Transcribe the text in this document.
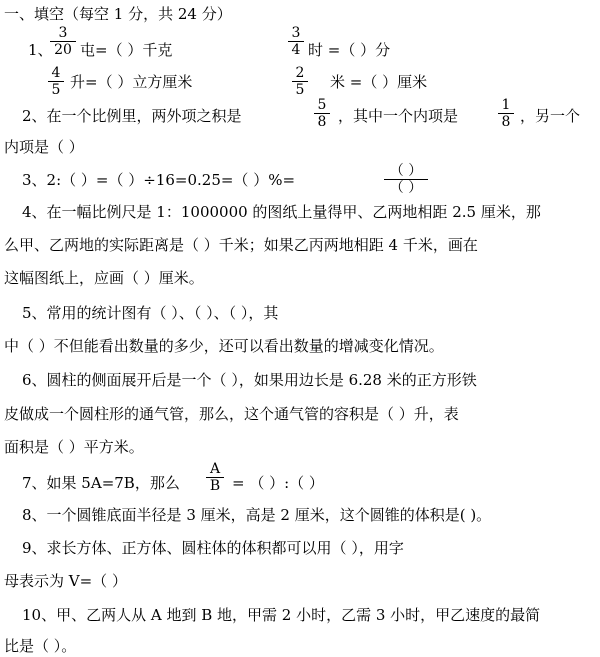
一、填空（每空 1 分，共 24 分）
1、
3
20 屯=（ ）千克
3
4 时 =（ ）分
4
5 升=（ ）立方厘米	2
5 米 =（ ）厘米
2、在一个比例里，两外项之积是
5
8 ，其中一个内项是
1
8 ，另一个
内项是（ ）
3、2:（ ）=（ ）÷16=0.25=（ ）%=	（ ）
（ ）
4、在一幅比例尺是 1：1000000 的图纸上量得甲、乙两地相距 2.5 厘米，那
么甲、乙两地的实际距离是（ ）千米；如果乙丙两地相距 4 千米，画在
这幅图纸上，应画（ ）厘米。
5、常用的统计图有（ ）、（ ）、（ ），其
中（ ）不但能看出数量的多少，还可以看出数量的增减变化情况。
6、圆柱的侧面展开后是一个（ ），如果用边长是 6.28 米的正方形铁
皮做成一个圆柱形的通气管，那么，这个通气管的容积是（ ）升，表
面积是（ ）平方米。
7、如果 5A=7B，那么
A
B = （ ）:（ ）
8、一个圆锥底面半径是 3 厘米，高是 2 厘米，这个圆锥的体积是( )。
9、求长方体、正方体、圆柱体的体积都可以用（ ），用字
母表示为 V=（ ）
10、甲、乙两人从 A 地到 B 地，甲需 2 小时，乙需 3 小时，甲乙速度的最简
比是（ ）。
